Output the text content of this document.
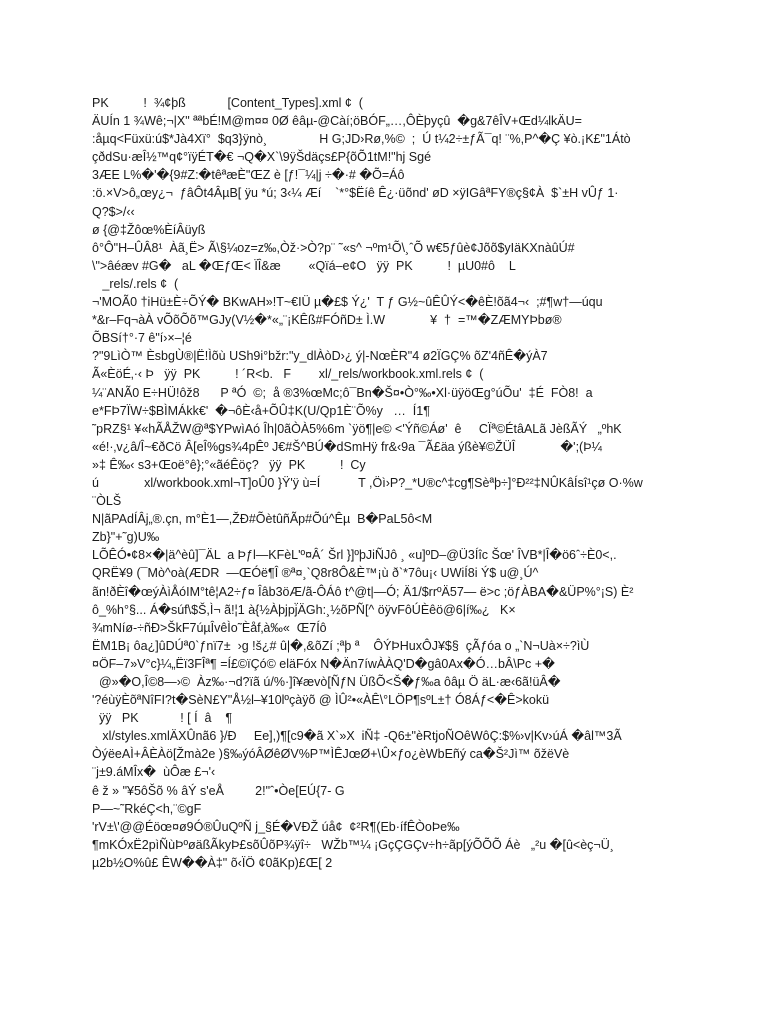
PK          !  ¾¢þß            [Content_Types].xml ¢  (
ÄUÍn 1 ¾Wê;¬|X" ªªbÉ!M@m¤¤ 0Ø êâµ-@Càí;öBÓF„…,ÔÈþyçû  �g&7êÎV+Œd¼lkÄU=
:åµq<Füxü:ú$*Jà4Xï°  $q3}ÿnò¸               H G;JD›Rø,%©  ;  Ú t¼2÷±ƒÃ¯q! ¨%,P^�Ç ¥ò.¡K£"1Átò
çðdSu·æÎ½™q¢°ïÿÉT�€ ¬Q�X`\9ÿŠdäçs£P{õÕ1tM!"hj Sgé
3ÆE L%�'�{9#Z:�têªæÈ"ŒZ è [ƒ!¯¼|j ÷�·# �Õ=Áô
:ö.×V>ô„œy¿¬  ƒâÔt4ÂµB[ ÿu *ú; 3‹¼ Æí    `*°$Ëíê Ê¿·üõnd' øD ×ÿIGâªFY®ç§¢À  $`±H vÛƒ 1·
Q?$>/‹‹
ø {@‡Žôœ%ÈíÂüyß
ô°Ô"H–ÛÂ8¹  Àã¸Ë> Ã\§¼oz=z‰,Òž·>Ò?p¨ ˜«s^ ¬ºm¹Õ\¸ˆÕ w€5ƒûè¢Jõõ$yIäKXnàûÚ#
\">âéæv #G�   aL �ŒƒŒ< ÏÎ&æ        «Qïá–e¢O   ÿÿ  PK          !  µU0#ô    L
_rels/.rels ¢  (
¬'MOÃ0 †iHü±È÷ÕÝ� BKwAH»!T~€IÜ µ�£$ Ý¿'  T ƒ G½~ûÊÛÝ<�êÈ!õã4¬‹  ;#¶w†—úqu
*&r–Fq¬àÀ vÕõÕõ™GJy(V½�*«„¨¡KÊß#FÓñD± Ì.W             ¥  †  =™�ZÆMYÞbø®
ÕBSí†°·7 ê"í›×–¦é
?"9LìÒ™ ÈsbgÙ®|Ë!Ìõù USh9i°bžr:"y_dlÀòD›¿ ý|-NœÈR"4 ø2ÏGÇ% õZ'4ñÊ�ýÀ7
Ã«ÈöÉ‚·‹ Þ   ÿÿ  PK          ! ´R<b.   F        xl/_rels/workbook.xml.rels ¢  (
¼¨ANÃ0 E÷HÜ!ôž8      P ªÓ  ©;  å ®3%œMc;ô¯Bn�Š¤•Ò°‰•Xl·üÿöŒg°úÕu'  ‡É  FÒ8!  a
e*FÞ7ÏW÷$BÌMÁkk€'  �¬ôÈ‹å+ÕÛ‡K(U/Qp1È¨Õ%y   …  Í1¶
˜pRZ§¹ ¥«hÃÅŽW@ª$YPwìAó Îh|0ãÒÀ5%6m `ÿö¶|e© <'Ýñ©Áø'  ê     CÏª©ÉtâALã JèßÃÝ   „ºhK
«é!·‚v¿â/Î~€ðCö Â[eÎ%gs¾4pÊº J€#Š^BÚ�dSmHÿ fr&‹9a ¯Ã£äa ýßè¥©ŽÜÎ             �';(Þ¼
»‡ Ê‰‹ s3+Œoë°ê};°«ãéÊöç?   ÿÿ  PK          !  Cy
ú             xl/workbook.xml¬T]oÛ0 }Ÿ'ÿ ù=Í           T ,Öì›P?_*U®c^‡cg¶Sèªþ÷]°Ð²²‡NÛKâÍsî¹çø O·%w
¨ÒLŠ
N|ãPAdÍÂj„®.çn, m°È1—,ŽÐ#ÕètûñÃp#Õú^Êµ  B�PaL5ô<M
Zb}"+˜g)U‰
LÕÊÓ•¢8×�|ä^èû]¯ÄL  a Þƒl—KFèL'º¤Â´ Šrl }]ºþJiÑJô ¸ «u]ºD–@Ü3Íîc Šœ' ÎVB*|Î�ö6ˆ÷È0<,.
QRË¥9 (¯Mò^oà(ÆDR  —ŒÓë¶Î ®ª¤¸`Q8r8Ô&È™¡ù ð`*7ôu¡‹ UWiÍ8i Ý$ u@¸Ú^
ãn!ðÈî�œýÀìÅóIM°tê¦A2÷ƒ¤ Îâb3öÆ/ã-ÔÁô t^@t|—Ó; Ä1/$rrºÄ57— ë>c ;öƒÀBA�&ÜP%°¡S) È²
ô_%h°§... Á�súf\$Š,Ì¬ ã!¦1 à{½Àþjpj̈ÄGh:¸½õPÑ[^ öÿvFôÚÈêö@6|í‰¿   K×
¾mNíø-÷ñÐ>ŠkF7úµÎvêÌo˜Èåf‚à‰«  Œ7Íô
ËM1B¡ ôa¿]ûDÚª0`ƒnï7±  ›g !š¿# û|�,&õZí ;ªþ ª    ÔÝÞHuxÔJ¥$§  çÃƒóa o „`N¬Uà×÷?ìÙ
¤ÖF–7»V°c}¼„Ëï3FÎª¶ =Í£©ïÇó© eläFóx N�Än7íwÀÀQ'D�gâ0Ax�Ó…bÂ\Pc +�
@»�O,Î©8—›©  Àz‰·¬d?ïã ú/%·]î¥ævò[ÑƒN ÜßÕ<Š�ƒ‰a ôâµ Ö äL·æ‹6ã!üÂ�
'?éùÿÈõªNîFI?t�SèN£Y"Å½l–¥10lºçàÿõ @ ÌÛ²•«ÀÊ\°LÖP¶sºL±† Ó8Áƒ<�Ê>kokü
ÿÿ   PK            ! [ Í  â    ¶
xl/styles.xmlÄXÛnã6 }/Ð     Ee],)¶[c9�ã X`»X  iÑ‡ -Q6±"èRtjoÑOêWôÇ:$%›v|Kv›úÁ �âl™3Ã
ÒýëeAÌ+ÂÈÀö[Žmà2e )§‰ýóÂØêØV%P™ÌÊJœØ+\Û×ƒo¿èWbEñý ca�Š²Jì™ õžëVè
¨j±9.áMÎx�  ùÔæ £¬'‹
ê ž » "¥5ôŠõ % âÝ s'eÅ         2!"ˆ•Òe[EÚ{7- G
P—~˜RkéÇ<h,¨©gF
'rV±\'@@Éöœ¤ø9Ó®ÛuQºÑ j_§É�VÐŽ úå¢  ¢²R¶(Eb·ífÊÒoÞe‰
¶mKÓxË2pìÑùÞºøäßÃkyÞ£sõÛõP¾ÿî÷   WŽb™¼ ¡GçÇGÇv÷h÷ãp[ýÕÕÕ Áè   „²u �[û<èç¬Ü¸
µ2b½O%û£ ÊW��À‡" õ‹ÏÖ ¢0ãKp)£Œ[ 2
